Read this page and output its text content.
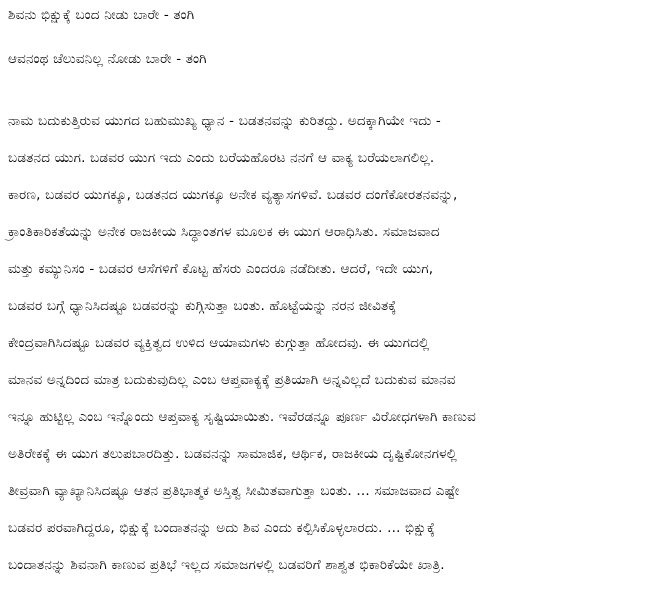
ಶಿವನು ಭಿಕ್ಷುಕ್ಕೆ ಬಂದ ನೀಡು ಬಾರೇ - ತಂಗಿ
ಆವನಂಥ ಚೆಲುವನಿಲ್ಲ ನೋಡು ಬಾರೇ - ತಂಗಿ
ನಾಮ ಬದುಕುತ್ತಿರುವ ಯುಗದ ಬಹುಮುಖ್ಯ ಧ್ಯಾನ - ಬಡತನವನ್ನು ಕುರಿತದ್ದು. ಅದಕ್ಕಾಗಿಯೇ ಇದು -
ಬಡತನದ ಯುಗ. ಬಡವರ ಯುಗ ಇದು ಎಂದು ಬರೆಯಹೊರಟ ನನಗೆ ಆ ವಾಕ್ಯ ಬರೆಯಲಾಗಲಿಲ್ಲ.
ಕಾರಣ, ಬಡವರ ಯುಗಕ್ಕೂ, ಬಡತನದ ಯುಗಕ್ಕೂ ಅನೇಕ ವ್ಯತ್ಯಾಸಗಳಿವೆ. ಬಡವರ ದಂಗೆಕೋರತನವನ್ನು,
ಕ್ರಾಂತಿಕಾರಿಕತೆಯನ್ನು ಅನೇಕ ರಾಜಕೀಯ ಸಿದ್ಧಾಂತಗಳ ಮೂಲಕ ಈ ಯುಗ ಆರಾಧಿಸಿತು. ಸಮಾಜವಾದ
ಮತ್ತು ಕಮ್ಯುನಿಸಂ - ಬಡವರ ಆಸೆಗಳಿಗೆ ಕೊಟ್ಟ ಹೆಸರು ಎಂದರೂ ನಡೆದೀತು. ಆದರೆ, ಇದೇ ಯುಗ,
ಬಡವರ ಬಗ್ಗೆ ಧ್ಯಾನಿಸಿದಷ್ಟೂ ಬಡವರನ್ನು ಕುಗ್ಗಿಸುತ್ತಾ ಬಂತು. ಹೊಟ್ಟೆಯನ್ನು ನರನ ಜೀವಿತಕ್ಕೆ
ಕೇಂದ್ರವಾಗಿಸಿದಷ್ಟೂ ಬಡವರ ವ್ಯಕ್ತಿತ್ವದ ಉಳಿದ ಆಯಾಮಗಳು ಕುಗ್ಗುತ್ತಾ ಹೋದವು. ಈ ಯುಗದಲ್ಲಿ
ಮಾನವ ಅನ್ನದಿಂದ ಮಾತ್ರ ಬದುಕುವುದಿಲ್ಲ ಎಂಬ ಆಪ್ತವಾಕ್ಯಕ್ಕೆ ಪ್ರತಿಯಾಗಿ ಅನ್ನವಿಲ್ಲದೆ ಬದುಕುವ ಮಾನವ
ಇನ್ನೂ ಹುಟ್ಟಿಲ್ಲ ಎಂಬ ಇನ್ನೊಂದು ಆಪ್ತವಾಕ್ಯ ಸೃಷ್ಟಿಯಾಯಿತು. ಇವೆರಡನ್ನೂ ಪೂರ್ಣ ವಿರೋಧಗಳಾಗಿ ಕಾಣುವ
ಅತಿರೇಕಕ್ಕೆ ಈ ಯುಗ ತಲುಪಬಾರದಿತ್ತು. ಬಡವನನ್ನು ಸಾಮಾಜಿಕ, ಆರ್ಥಿಕ, ರಾಜಕೀಯ ದೃಷ್ಟಿಕೋನಗಳಲ್ಲಿ
ತೀವ್ರವಾಗಿ ವ್ಯಾಖ್ಯಾನಿಸಿದಷ್ಟೂ ಆತನ ಪ್ರತಿಭಾತ್ಮಕ ಅಸ್ತಿತ್ವ ಸೀಮಿತವಾಗುತ್ತಾ ಬಂತು. ... ಸಮಾಜವಾದ ಎಷ್ಟೇ
ಬಡವರ ಪರವಾಗಿದ್ದರೂ, ಭಿಕ್ಷುಕ್ಕೆ ಬಂದಾತನನ್ನು ಅದು ಶಿವ ಎಂದು ಕಲ್ಪಿಸಿಕೊಳ್ಳಲಾರದು. ... ಭಿಕ್ಷುಕ್ಕೆ
ಬಂದಾತನನ್ನು ಶಿವನಾಗಿ ಕಾಣುವ ಪ್ರತಿಭೆ ಇಲ್ಲದ ಸಮಾಜಗಳಲ್ಲಿ ಬಡವರಿಗೆ ಶಾಶ್ವತ ಭಿಕಾರಿಕೆಯೇ ಖಾತ್ರಿ.
